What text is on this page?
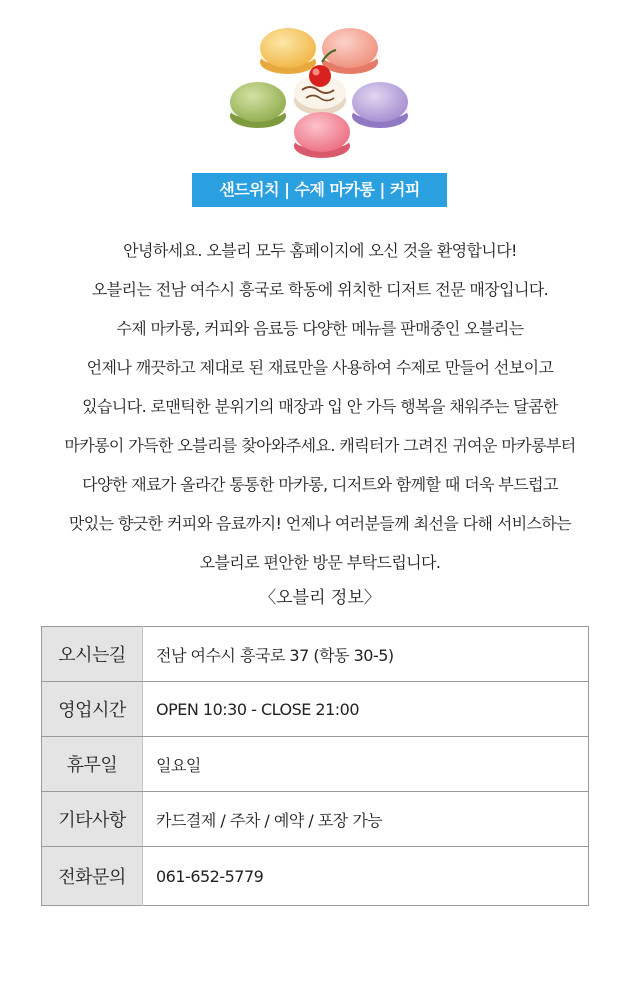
샌드위치 | 수제 마카롱 | 커피
안녕하세요. 오블리 모두 홈페이지에 오신 것을 환영합니다!
오블리는 전남 여수시 흥국로 학동에 위치한 디저트 전문 매장입니다.
수제 마카롱, 커피와 음료등 다양한 메뉴를 판매중인 오블리는
언제나 깨끗하고 제대로 된 재료만을 사용하여 수제로 만들어 선보이고
있습니다. 로맨틱한 분위기의 매장과 입 안 가득 행복을 채워주는 달콤한
마카롱이 가득한 오블리를 찾아와주세요. 캐릭터가 그려진 귀여운 마카롱부터
다양한 재료가 올라간 통통한 마카롱, 디저트와 함께할 때 더욱 부드럽고
맛있는 향긋한 커피와 음료까지! 언제나 여러분들께 최선을 다해 서비스하는
오블리로 편안한 방문 부탁드립니다.
〈오블리 정보〉
오시는길	전남 여수시 흥국로 37 (학동 30-5)
영업시간	OPEN 10:30 - CLOSE 21:00
휴무일	일요일
기타사항	카드결제 / 주차 / 예약 / 포장 가능
전화문의	061-652-5779
